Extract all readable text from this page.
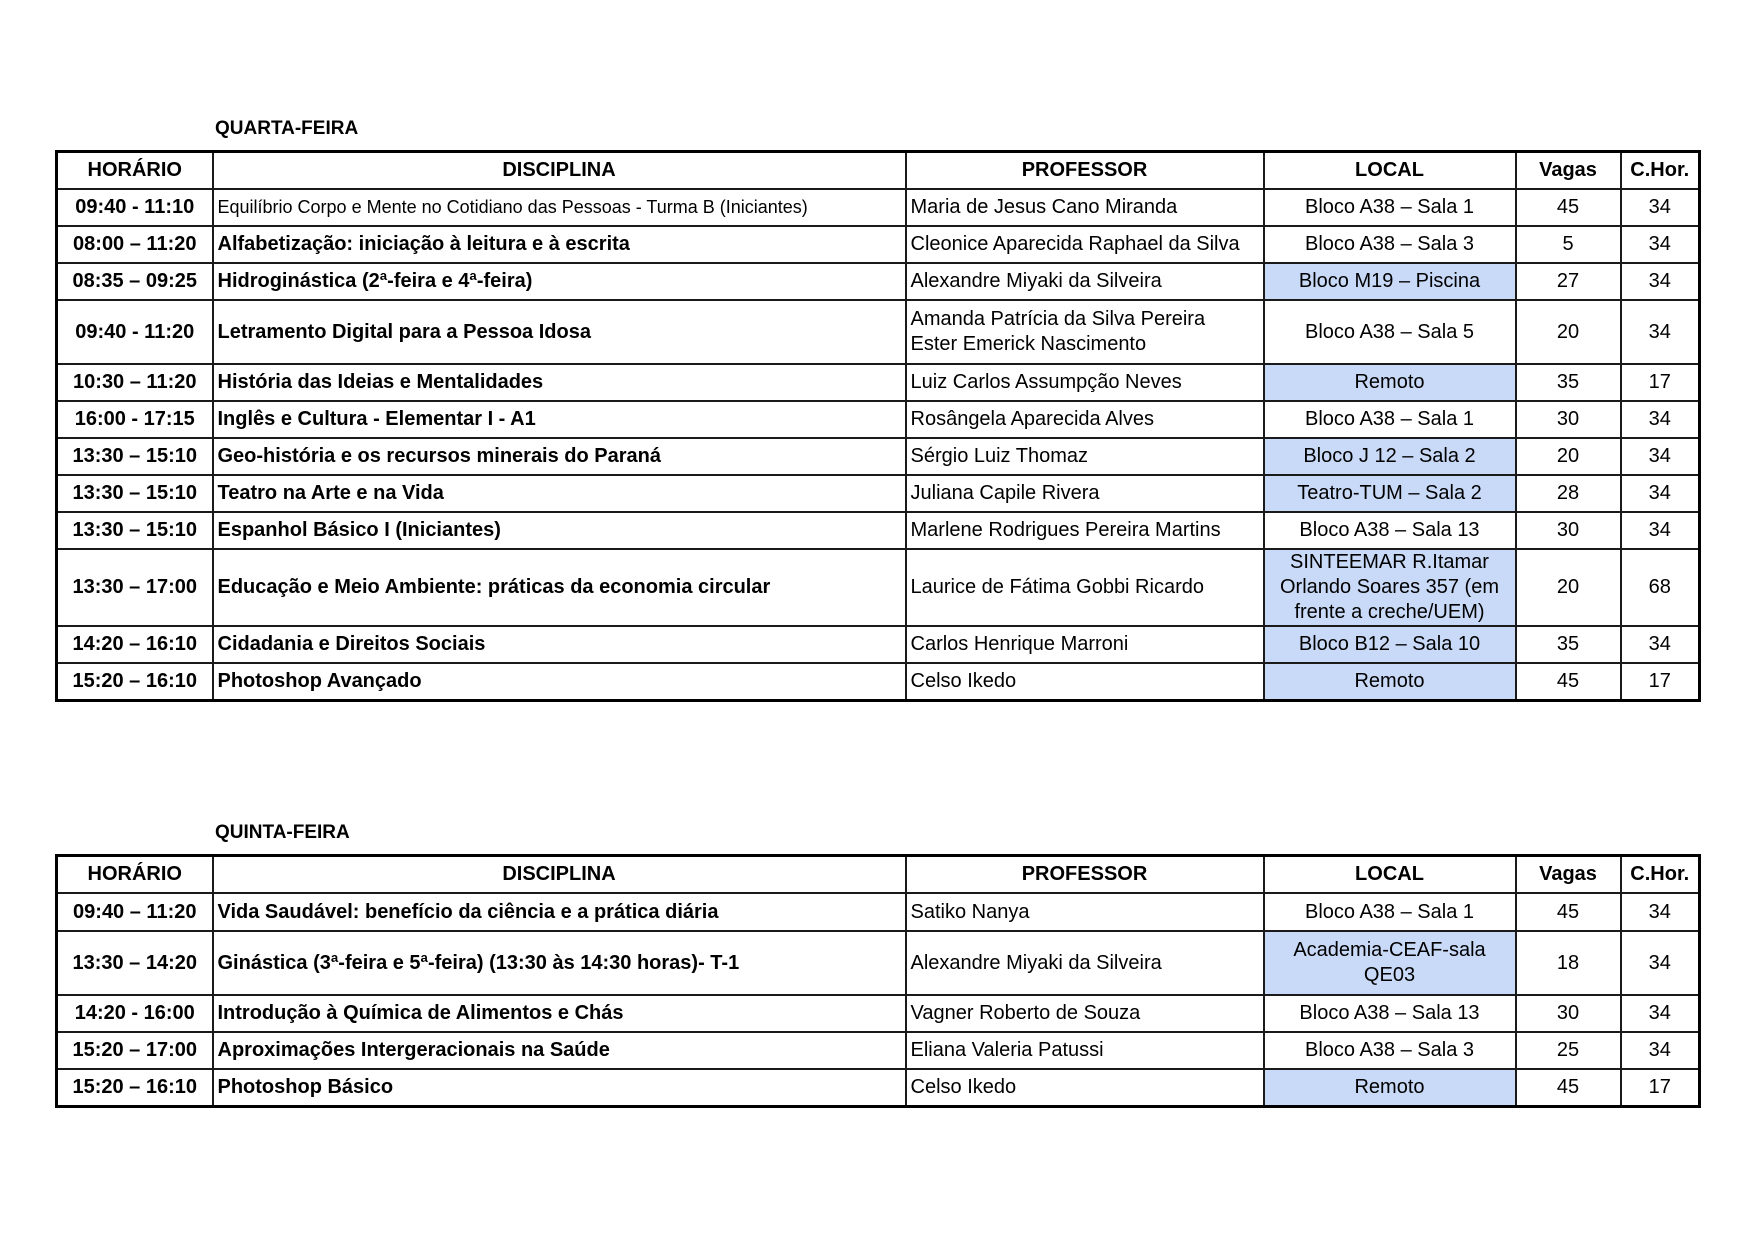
QUARTA-FEIRA
HORÁRIO	DISCIPLINA	PROFESSOR	LOCAL	Vagas	C.Hor.
09:40 - 11:10	Equilíbrio Corpo e Mente no Cotidiano das Pessoas - Turma B (Iniciantes)	Maria de Jesus Cano Miranda	Bloco A38 – Sala 1	45	34
08:00 – 11:20	Alfabetização: iniciação à leitura e à escrita	Cleonice Aparecida Raphael da Silva	Bloco A38 – Sala 3	5	34
08:35 – 09:25	Hidroginástica (2ª-feira e 4ª-feira)	Alexandre Miyaki da Silveira	Bloco M19 – Piscina	27	34
09:40 - 11:20	Letramento Digital para a Pessoa Idosa	Amanda Patrícia da Silva Pereira
Ester Emerick Nascimento	Bloco A38 – Sala 5	20	34
10:30 – 11:20	História das Ideias e Mentalidades	Luiz Carlos Assumpção Neves	Remoto	35	17
16:00 - 17:15	Inglês e Cultura - Elementar I - A1	Rosângela Aparecida Alves	Bloco A38 – Sala 1	30	34
13:30 – 15:10	Geo-história e os recursos minerais do Paraná	Sérgio Luiz Thomaz	Bloco J 12 – Sala 2	20	34
13:30 – 15:10	Teatro na Arte e na Vida	Juliana Capile Rivera	Teatro-TUM – Sala 2	28	34
13:30 – 15:10	Espanhol Básico I (Iniciantes)	Marlene Rodrigues Pereira Martins	Bloco A38 – Sala 13	30	34
13:30 – 17:00	Educação e Meio Ambiente: práticas da economia circular	Laurice de Fátima Gobbi Ricardo	SINTEEMAR R.Itamar
Orlando Soares 357 (em
frente a creche/UEM)	20	68
14:20 – 16:10	Cidadania e Direitos Sociais	Carlos Henrique Marroni	Bloco B12 – Sala 10	35	34
15:20 – 16:10	Photoshop Avançado	Celso Ikedo	Remoto	45	17
QUINTA-FEIRA
HORÁRIO	DISCIPLINA	PROFESSOR	LOCAL	Vagas	C.Hor.
09:40 – 11:20	Vida Saudável: benefício da ciência e a prática diária	Satiko Nanya	Bloco A38 – Sala 1	45	34
13:30 – 14:20	Ginástica (3ª-feira e 5ª-feira) (13:30 às 14:30 horas)- T-1	Alexandre Miyaki da Silveira	Academia-CEAF-sala
QE03	18	34
14:20 - 16:00	Introdução à Química de Alimentos e Chás	Vagner Roberto de Souza	Bloco A38 – Sala 13	30	34
15:20 – 17:00	Aproximações Intergeracionais na Saúde	Eliana Valeria Patussi	Bloco A38 – Sala 3	25	34
15:20 – 16:10	Photoshop Básico	Celso Ikedo	Remoto	45	17
